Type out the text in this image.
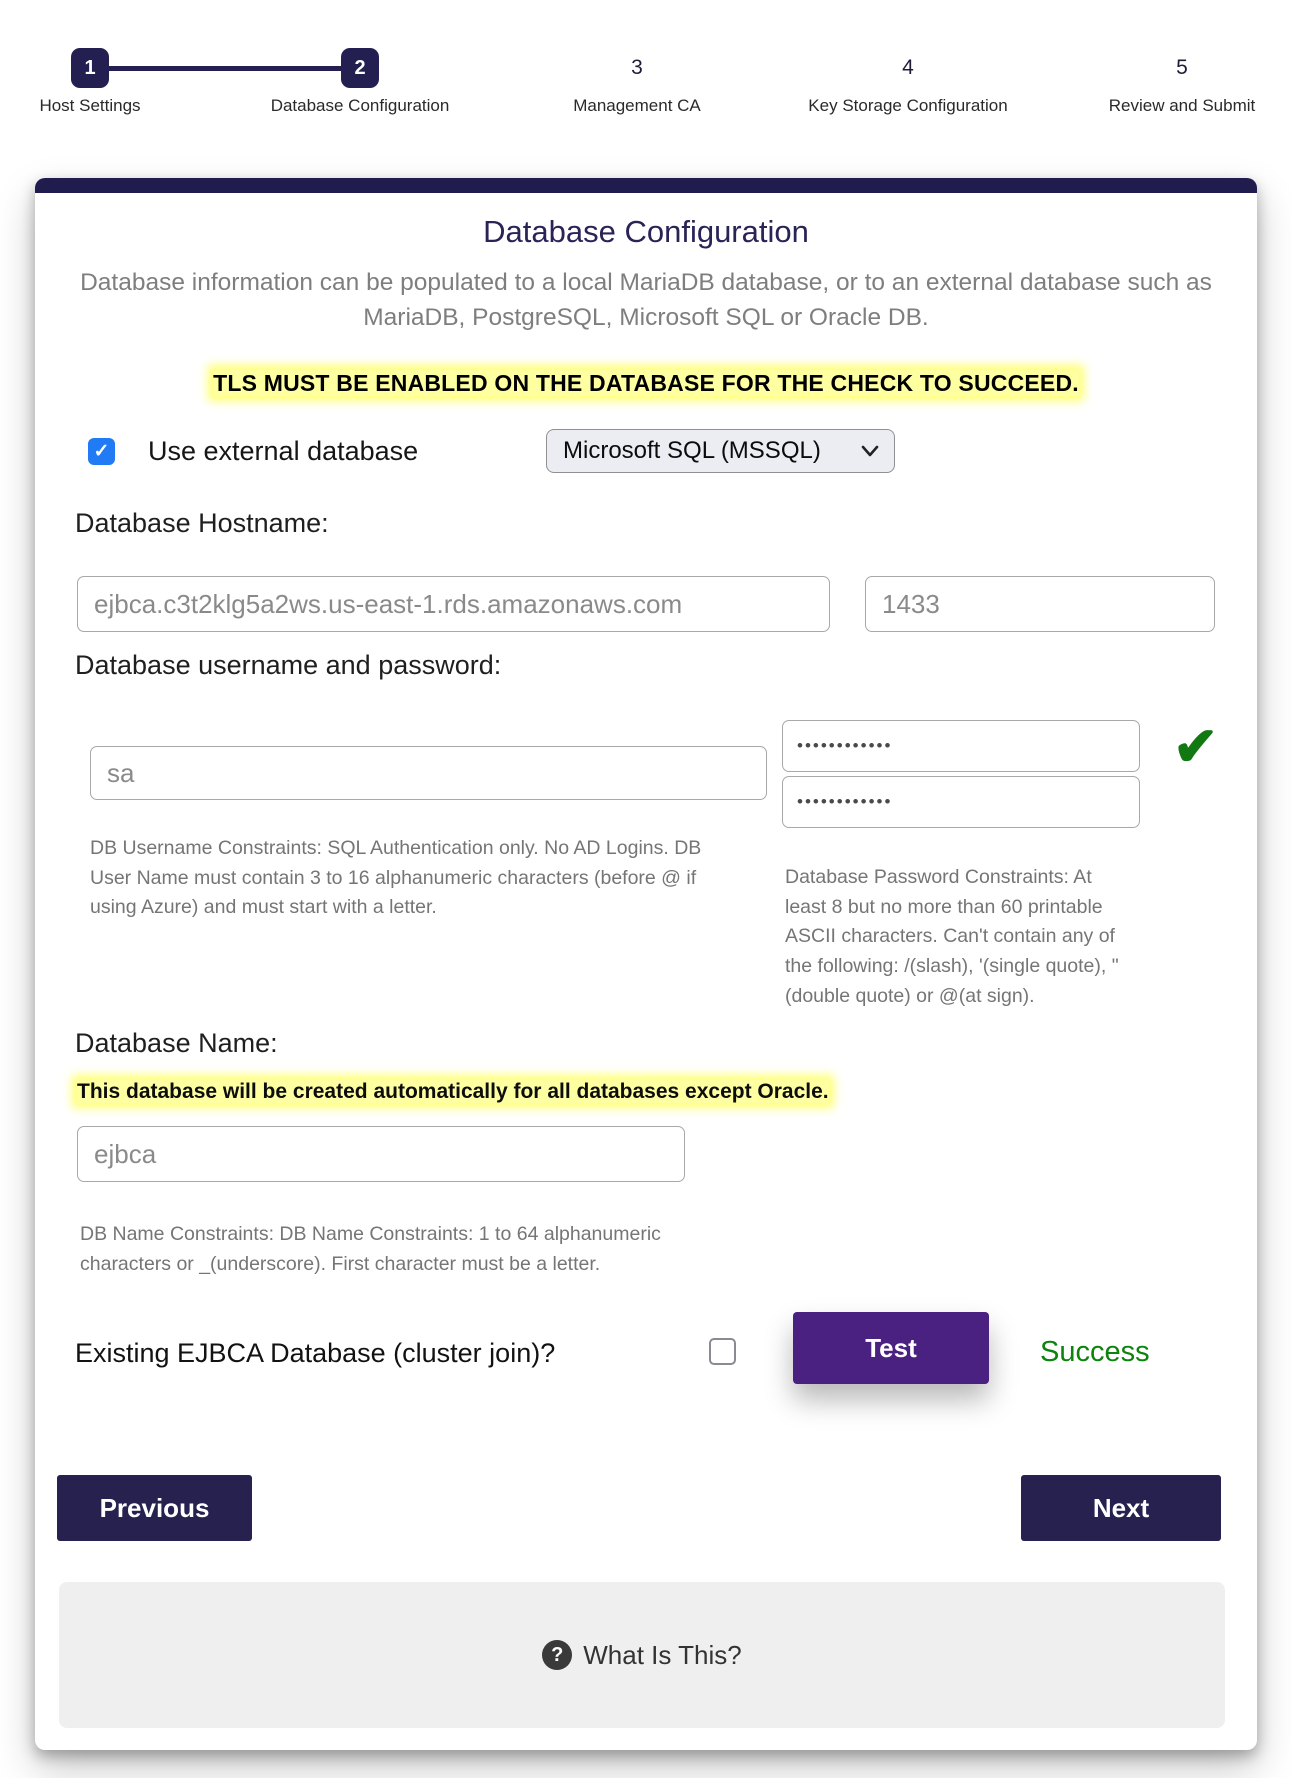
1
Host Settings
2
Database Configuration
3
Management CA
4
Key Storage Configuration
5
Review and Submit
Database Configuration
Database information can be populated to a local MariaDB database, or to an external database such as MariaDB, PostgreSQL, Microsoft SQL or Oracle DB.
TLS MUST BE ENABLED ON THE DATABASE FOR THE CHECK TO SUCCEED.
✓ Use external database	Microsoft SQL (MSSQL)
Database Hostname:
ejbca.c3t2klg5a2ws.us-east-1.rds.amazonaws.com
1433
Database username and password:
sa
••••••••••••
••••••••••••
✔
DB Username Constraints: SQL Authentication only. No AD Logins. DB User Name must contain 3 to 16 alphanumeric characters (before @ if using Azure) and must start with a letter.
Database Password Constraints: At least 8 but no more than 60 printable ASCII characters. Can't contain any of the following: /(slash), '(single quote), "(double quote) or @(at sign).
Database Name:
This database will be created automatically for all databases except Oracle.
ejbca
DB Name Constraints: DB Name Constraints: 1 to 64 alphanumeric characters or _(underscore). First character must be a letter.
Existing EJBCA Database (cluster join)?	Test	Success
Previous	Next
? What Is This?
